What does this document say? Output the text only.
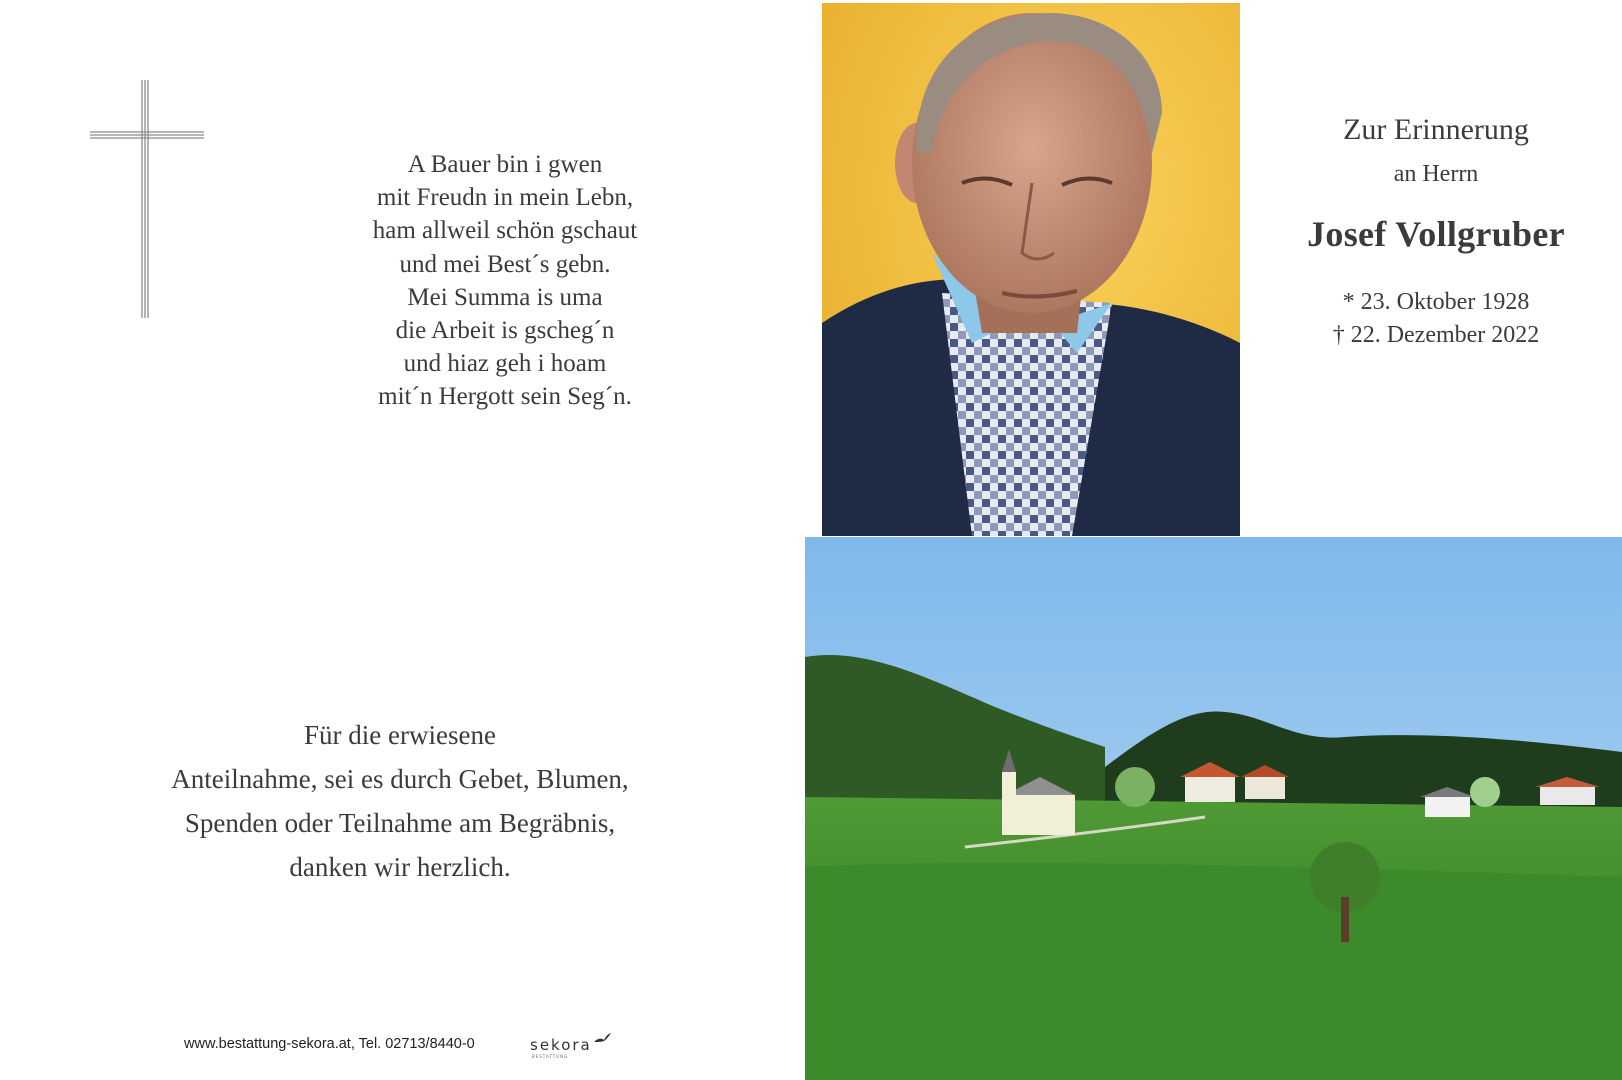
A Bauer bin i gwen
mit Freudn in mein Lebn,
ham allweil schön gschaut
und mei Best´s gebn.
Mei Summa is uma
die Arbeit is gscheg´n
und hiaz geh i hoam
mit´n Hergott sein Seg´n.
Zur Erinnerung
an Herrn
Josef Vollgruber
* 23. Oktober 1928
† 22. Dezember 2022
Für die erwiesene
Anteilnahme, sei es durch Gebet, Blumen,
Spenden oder Teilnahme am Begräbnis,
danken wir herzlich.
www.bestattung-sekora.at, Tel. 02713/8440-0	sekora
BESTATTUNG
